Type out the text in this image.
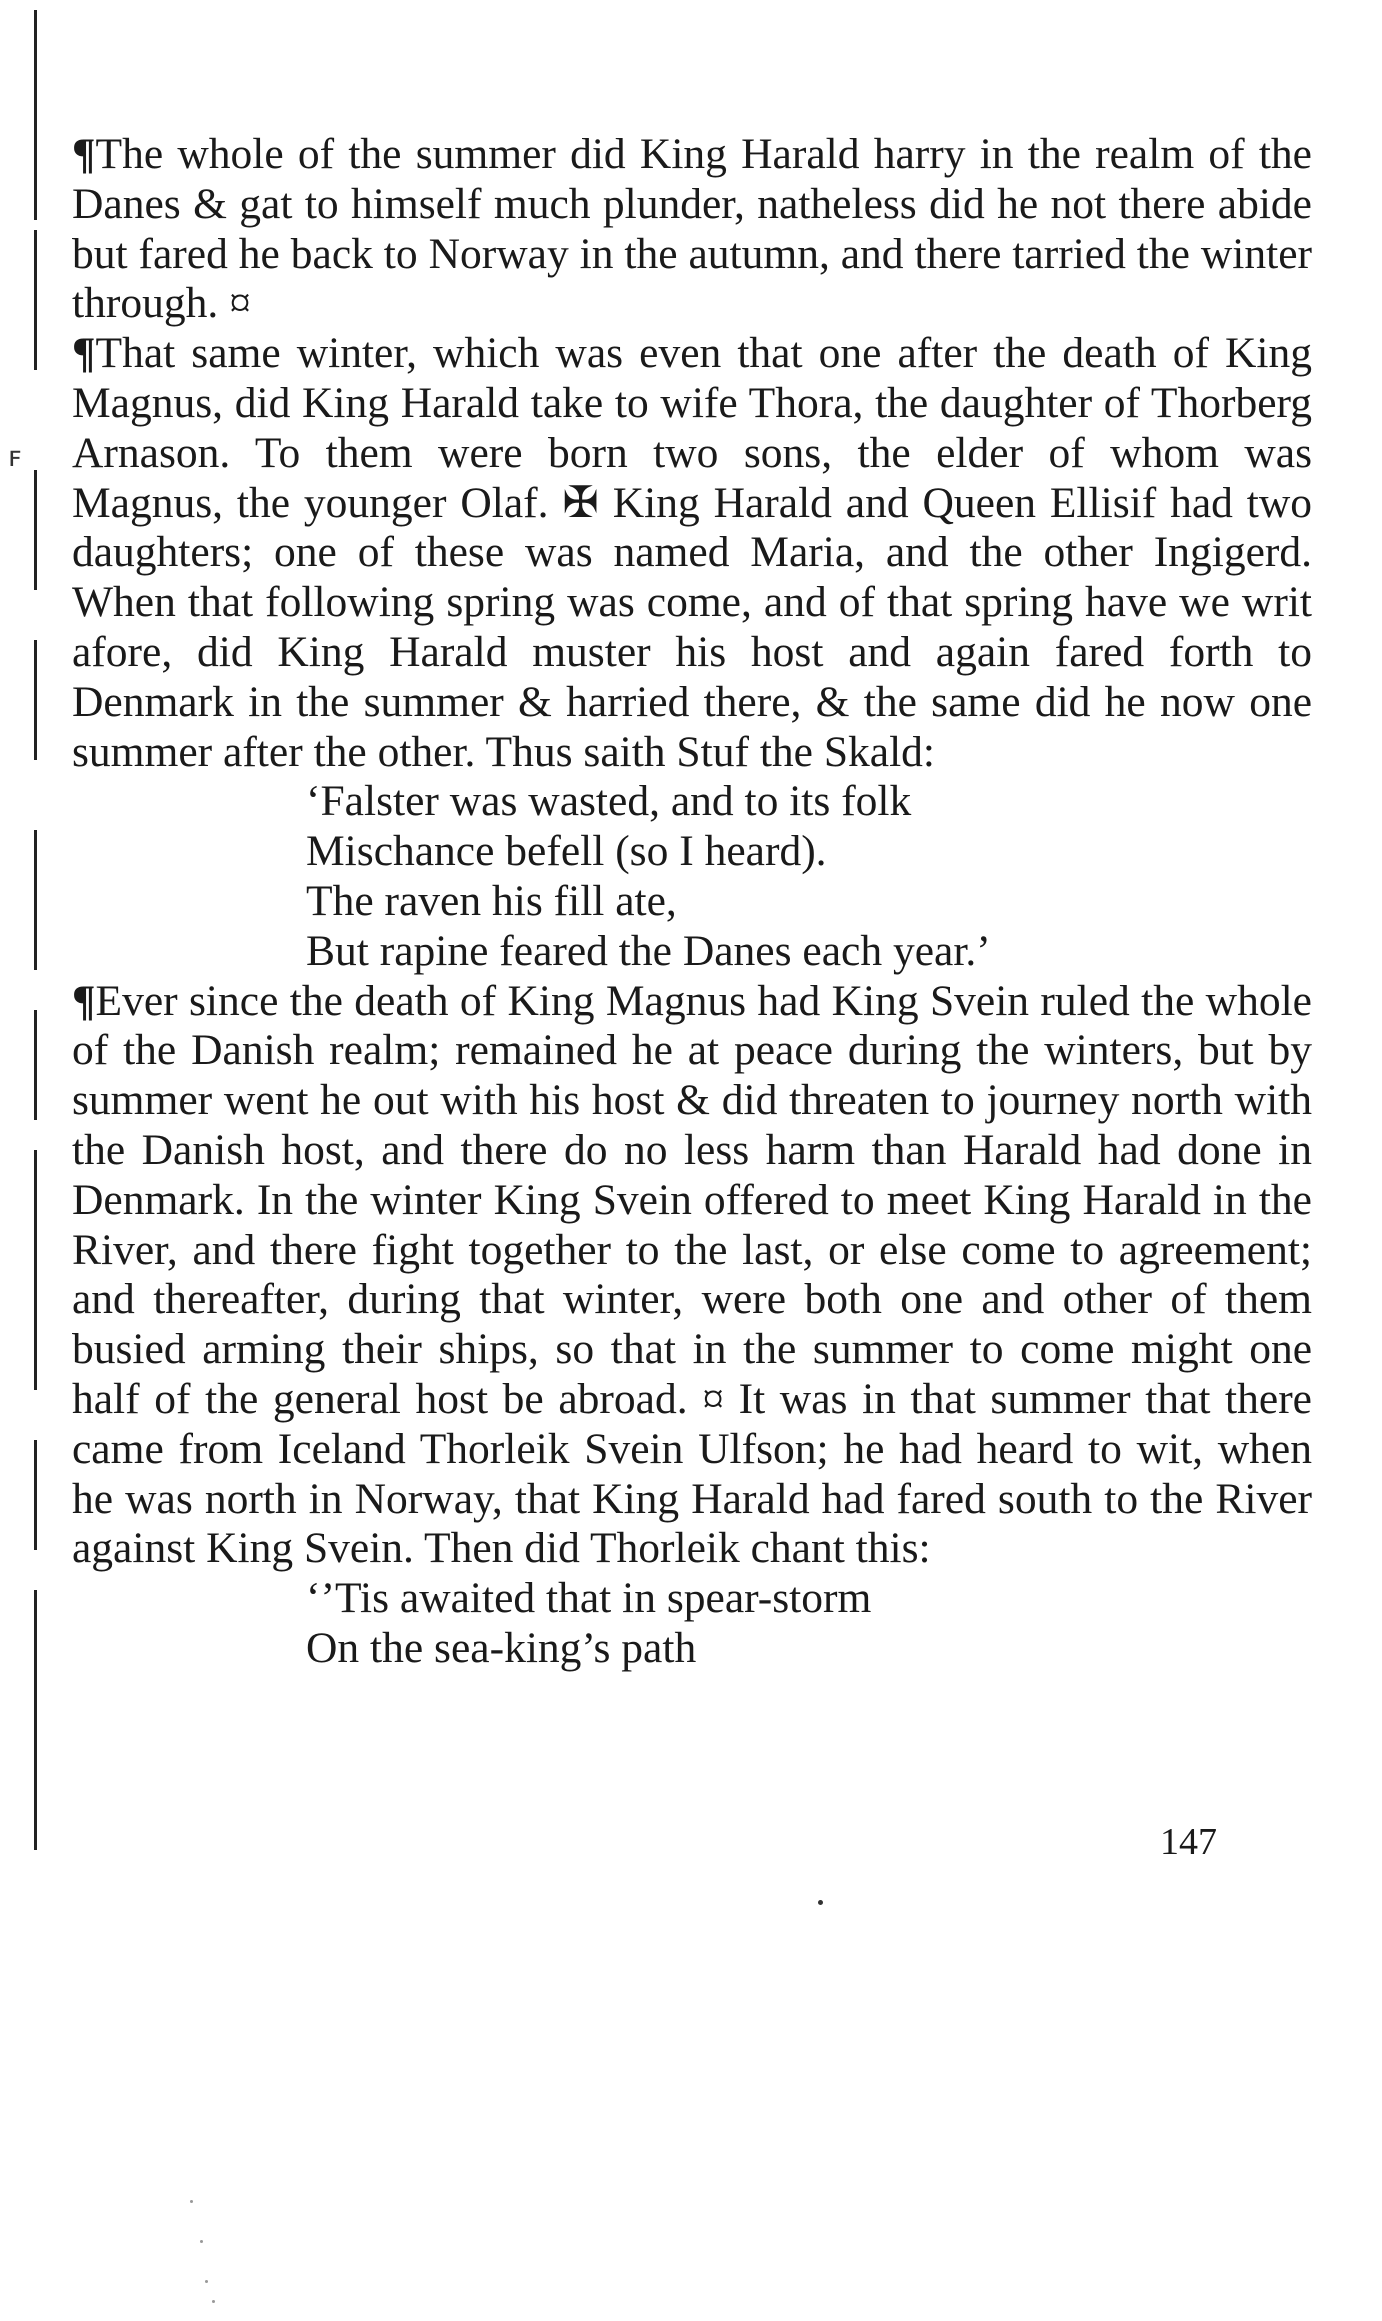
ꜰ

¶The whole of the summer did King Harald harry in the realm of the Danes & gat to himself much plunder, natheless did he not there abide but fared he back to Norway in the autumn, and there tarried the winter through. ¤

¶That same winter, which was even that one after the death of King Magnus, did King Harald take to wife Thora, the daughter of Thorberg Arnason. To them were born two sons, the elder of whom was Magnus, the younger Olaf. ✠ King Harald and Queen Ellisif had two daughters; one of these was named Maria, and the other Ingigerd. When that following spring was come, and of that spring have we writ afore, did King Harald muster his host and again fared forth to Denmark in the summer & harried there, & the same did he now one summer after the other. Thus saith Stuf the Skald:

‘Falster was wasted, and to its folk
Mischance befell (so I heard).
The raven his fill ate,
But rapine feared the Danes each year.’

¶Ever since the death of King Magnus had King Svein ruled the whole of the Danish realm; remained he at peace during the winters, but by summer went he out with his host & did threaten to journey north with the Danish host, and there do no less harm than Harald had done in Denmark. In the winter King Svein offered to meet King Harald in the River, and there fight together to the last, or else come to agreement; and thereafter, during that winter, were both one and other of them busied arming their ships, so that in the summer to come might one half of the general host be abroad. ¤ It was in that summer that there came from Iceland Thorleik Svein Ulfson; he had heard to wit, when he was north in Norway, that King Harald had fared south to the River against King Svein. Then did Thorleik chant this:

‘’Tis awaited that in spear-storm
On the sea-king’s path
147
